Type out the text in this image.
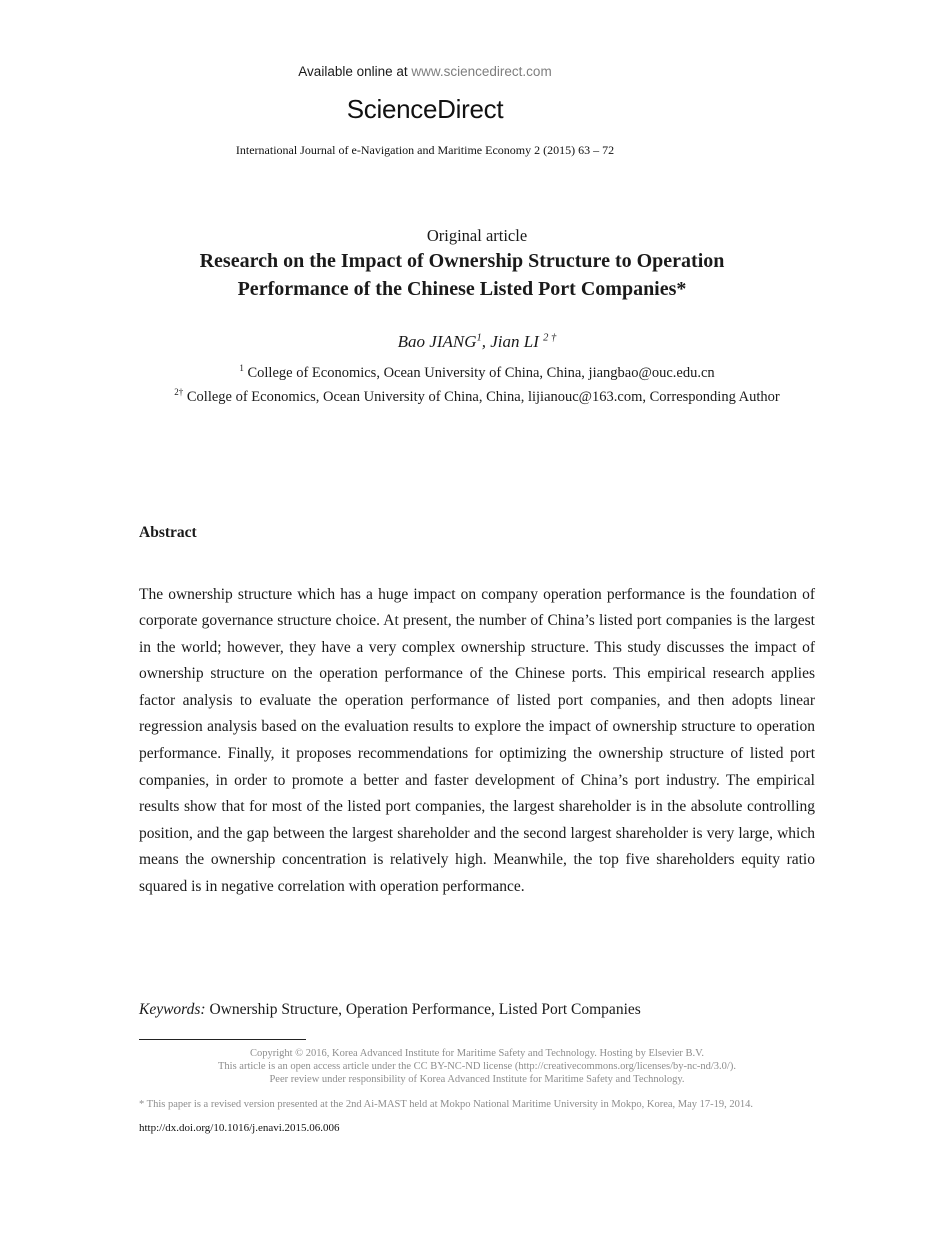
Available online at www.sciencedirect.com
ScienceDirect
International Journal of e-Navigation and Maritime Economy 2 (2015) 63 – 72
Original article
Research on the Impact of Ownership Structure to Operation Performance of the Chinese Listed Port Companies*
Bao JIANG$^1$, Jian LI $^{2 \dagger}$
$^1$ College of Economics, Ocean University of China, China, jiangbao@ouc.edu.cn
$^{2\dagger}$ College of Economics, Ocean University of China, China, lijianouc@163.com, Corresponding Author
Abstract

The ownership structure which has a huge impact on company operation performance is the foundation of corporate governance structure choice. At present, the number of China’s listed port companies is the largest in the world; however, they have a very complex ownership structure. This study discusses the impact of ownership structure on the operation performance of the Chinese ports. This empirical research applies factor analysis to evaluate the operation performance of listed port companies, and then adopts linear regression analysis based on the evaluation results to explore the impact of ownership structure to operation performance. Finally, it proposes recommendations for optimizing the ownership structure of listed port companies, in order to promote a better and faster development of China’s port industry. The empirical results show that for most of the listed port companies, the largest shareholder is in the absolute controlling position, and the gap between the largest shareholder and the second largest shareholder is very large, which means the ownership concentration is relatively high. Meanwhile, the top five shareholders equity ratio squared is in negative correlation with operation performance.

Keywords: Ownership Structure, Operation Performance, Listed Port Companies
Copyright © 2016, Korea Advanced Institute for Maritime Safety and Technology. Hosting by Elsevier B.V.
This article is an open access article under the CC BY-NC-ND license (http://creativecommons.org/licenses/by-nc-nd/3.0/).
Peer review under responsibility of Korea Advanced Institute for Maritime Safety and Technology.
* This paper is a revised version presented at the 2nd Ai-MAST held at Mokpo National Maritime University in Mokpo, Korea, May 17-19, 2014.
http://dx.doi.org/10.1016/j.enavi.2015.06.006
